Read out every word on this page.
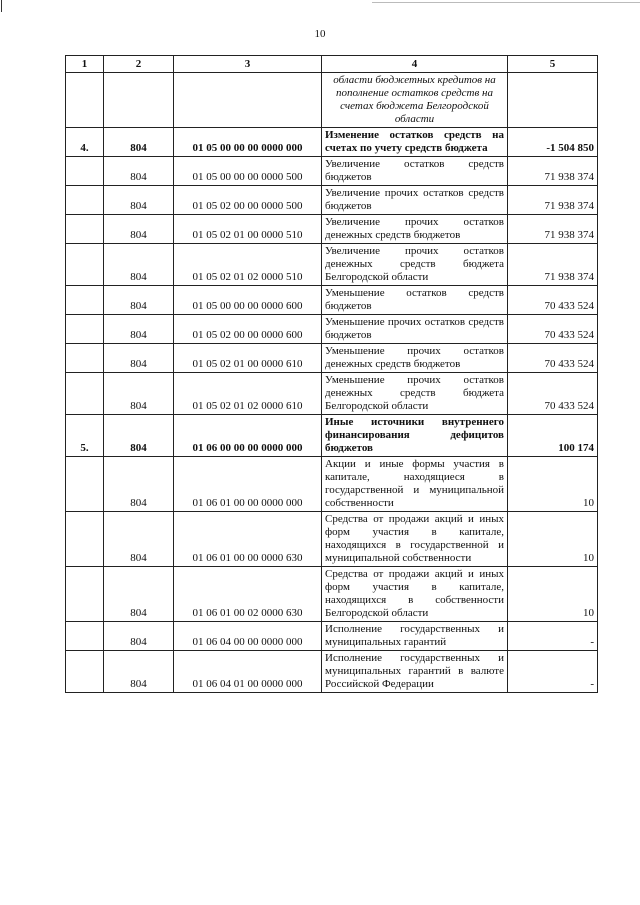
10
1	2	3	4	5
			области бюджетных кредитов на пополнение остатков средств на счетах бюджета Белгородской области	
4.	804	01 05 00 00 00 0000 000	Изменение остатков средств на счетах по учету средств бюджета	-1 504 850
	804	01 05 00 00 00 0000 500	Увеличение остатков средств бюджетов	71 938 374
	804	01 05 02 00 00 0000 500	Увеличение прочих остатков средств бюджетов	71 938 374
	804	01 05 02 01 00 0000 510	Увеличение прочих остатков денежных средств бюджетов	71 938 374
	804	01 05 02 01 02 0000 510	Увеличение прочих остатков денежных средств бюджета Белгородской области	71 938 374
	804	01 05 00 00 00 0000 600	Уменьшение остатков средств бюджетов	70 433 524
	804	01 05 02 00 00 0000 600	Уменьшение прочих остатков средств бюджетов	70 433 524
	804	01 05 02 01 00 0000 610	Уменьшение прочих остатков денежных средств бюджетов	70 433 524
	804	01 05 02 01 02 0000 610	Уменьшение прочих остатков денежных средств бюджета Белгородской области	70 433 524
5.	804	01 06 00 00 00 0000 000	Иные источники внутреннего финансирования дефицитов бюджетов	100 174
	804	01 06 01 00 00 0000 000	Акции и иные формы участия в капитале, находящиеся в государственной и муниципальной собственности	10
	804	01 06 01 00 00 0000 630	Средства от продажи акций и иных форм участия в капитале, находящихся в государственной и муниципальной собственности	10
	804	01 06 01 00 02 0000 630	Средства от продажи акций и иных форм участия в капитале, находящихся в собственности Белгородской области	10
	804	01 06 04 00 00 0000 000	Исполнение государственных и муниципальных гарантий	-
	804	01 06 04 01 00 0000 000	Исполнение государственных и муниципальных гарантий в валюте Российской Федерации	-
